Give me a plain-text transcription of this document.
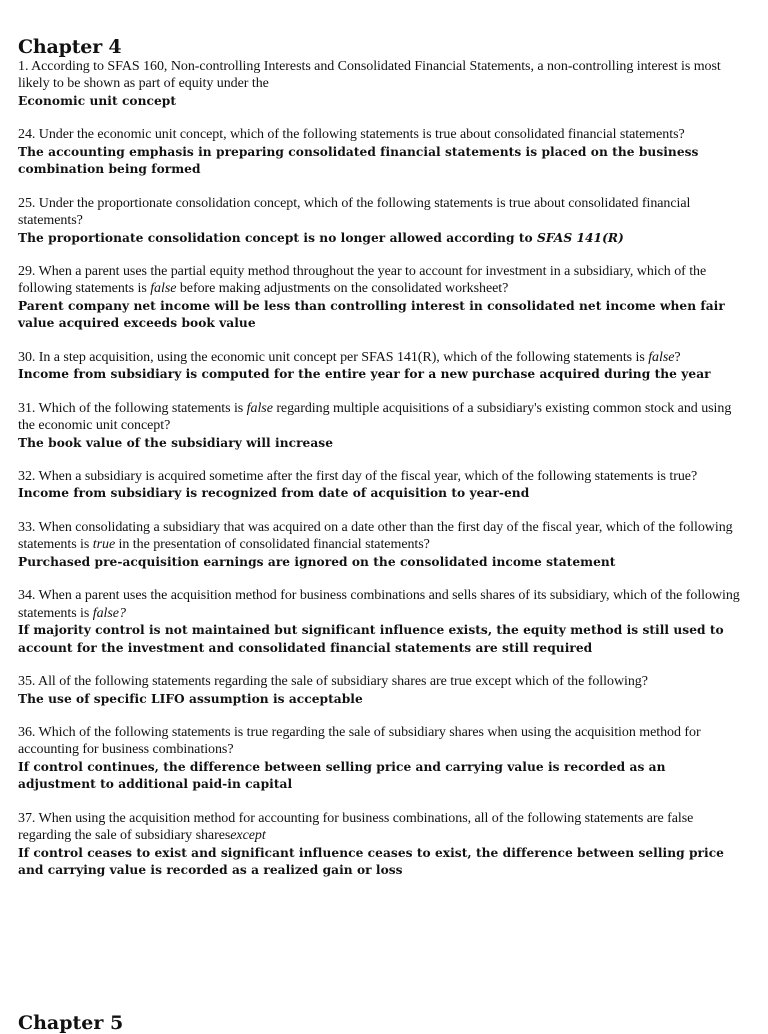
Chapter 4

1. According to SFAS 160, Non-controlling Interests and Consolidated Financial Statements, a non-controlling interest is most likely to be shown as part of equity under the

Economic unit concept

24. Under the economic unit concept, which of the following statements is true about consolidated financial statements?

The accounting emphasis in preparing consolidated financial statements is placed on the business combination being formed

25. Under the proportionate consolidation concept, which of the following statements is true about consolidated financial statements?

The proportionate consolidation concept is no longer allowed according to SFAS 141(R)

29. When a parent uses the partial equity method throughout the year to account for investment in a subsidiary, which of the following statements is false before making adjustments on the consolidated worksheet?

Parent company net income will be less than controlling interest in consolidated net income when fair value acquired exceeds book value

30. In a step acquisition, using the economic unit concept per SFAS 141(R), which of the following statements is false?

Income from subsidiary is computed for the entire year for a new purchase acquired during the year

31. Which of the following statements is false regarding multiple acquisitions of a subsidiary's existing common stock and using the economic unit concept?

The book value of the subsidiary will increase

32. When a subsidiary is acquired sometime after the first day of the fiscal year, which of the following statements is true?

Income from subsidiary is recognized from date of acquisition to year-end

33. When consolidating a subsidiary that was acquired on a date other than the first day of the fiscal year, which of the following statements is true in the presentation of consolidated financial statements?

Purchased pre-acquisition earnings are ignored on the consolidated income statement

34. When a parent uses the acquisition method for business combinations and sells shares of its subsidiary, which of the following statements is false?

If majority control is not maintained but significant influence exists, the equity method is still used to account for the investment and consolidated financial statements are still required

35. All of the following statements regarding the sale of subsidiary shares are true except which of the following?

The use of specific LIFO assumption is acceptable

36. Which of the following statements is true regarding the sale of subsidiary shares when using the acquisition method for accounting for business combinations?

If control continues, the difference between selling price and carrying value is recorded as an adjustment to additional paid-in capital

37. When using the acquisition method for accounting for business combinations, all of the following statements are false regarding the sale of subsidiary sharesexcept

If control ceases to exist and significant influence ceases to exist, the difference between selling price and carrying value is recorded as a realized gain or loss

Chapter 5
